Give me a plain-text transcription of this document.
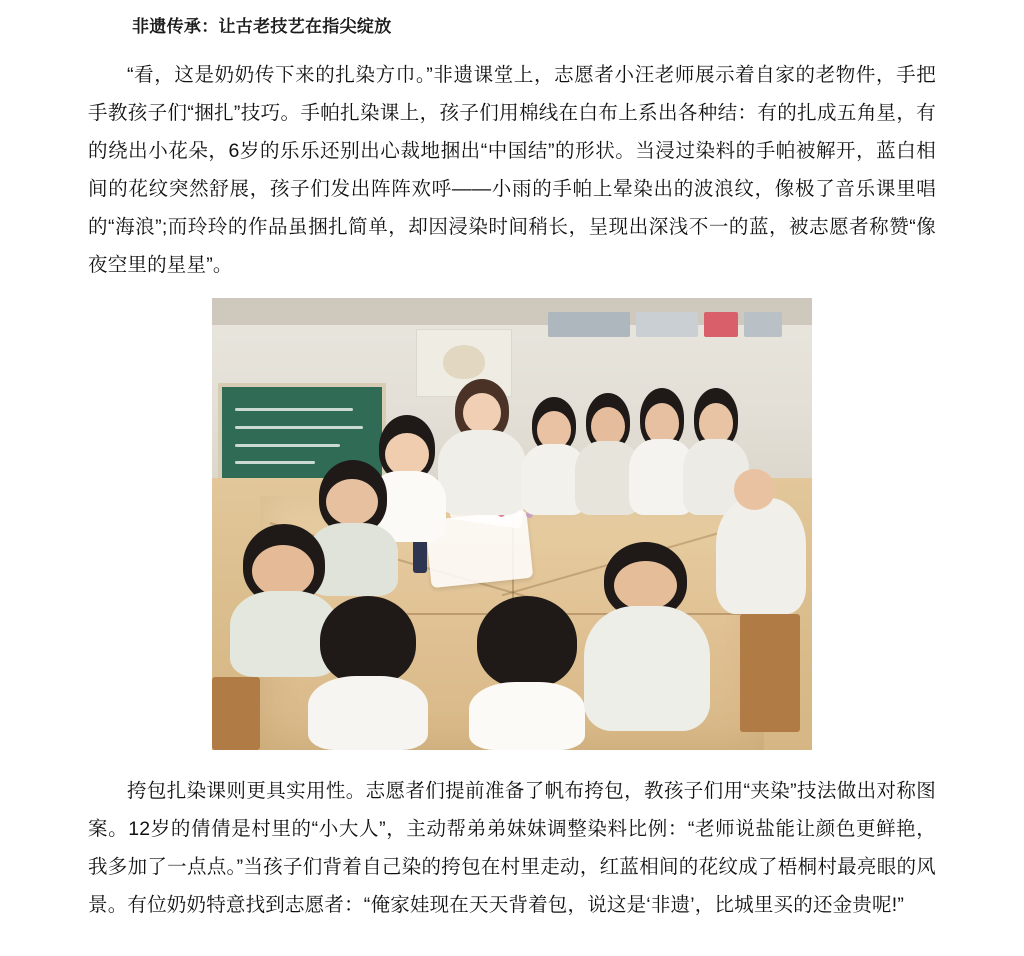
非遗传承：让古老技艺在指尖绽放

“看，这是奶奶传下来的扎染方巾。”非遗课堂上，志愿者小汪老师展示着自家的老物件，手把手教孩子们“捆扎”技巧。手帕扎染课上，孩子们用棉线在白布上系出各种结：有的扎成五角星，有的绕出小花朵，6岁的乐乐还别出心裁地捆出“中国结”的形状。当浸过染料的手帕被解开，蓝白相间的花纹突然舒展，孩子们发出阵阵欢呼——小雨的手帕上晕染出的波浪纹，像极了音乐课里唱的“海浪”;而玲玲的作品虽捆扎简单，却因浸染时间稍长，呈现出深浅不一的蓝，被志愿者称赞“像夜空里的星星”。

挎包扎染课则更具实用性。志愿者们提前准备了帆布挎包，教孩子们用“夹染”技法做出对称图案。12岁的倩倩是村里的“小大人”，主动帮弟弟妹妹调整染料比例：“老师说盐能让颜色更鲜艳，我多加了一点点。”当孩子们背着自己染的挎包在村里走动，红蓝相间的花纹成了梧桐村最亮眼的风景。有位奶奶特意找到志愿者：“俺家娃现在天天背着包，说这是‘非遗’，比城里买的还金贵呢!”
